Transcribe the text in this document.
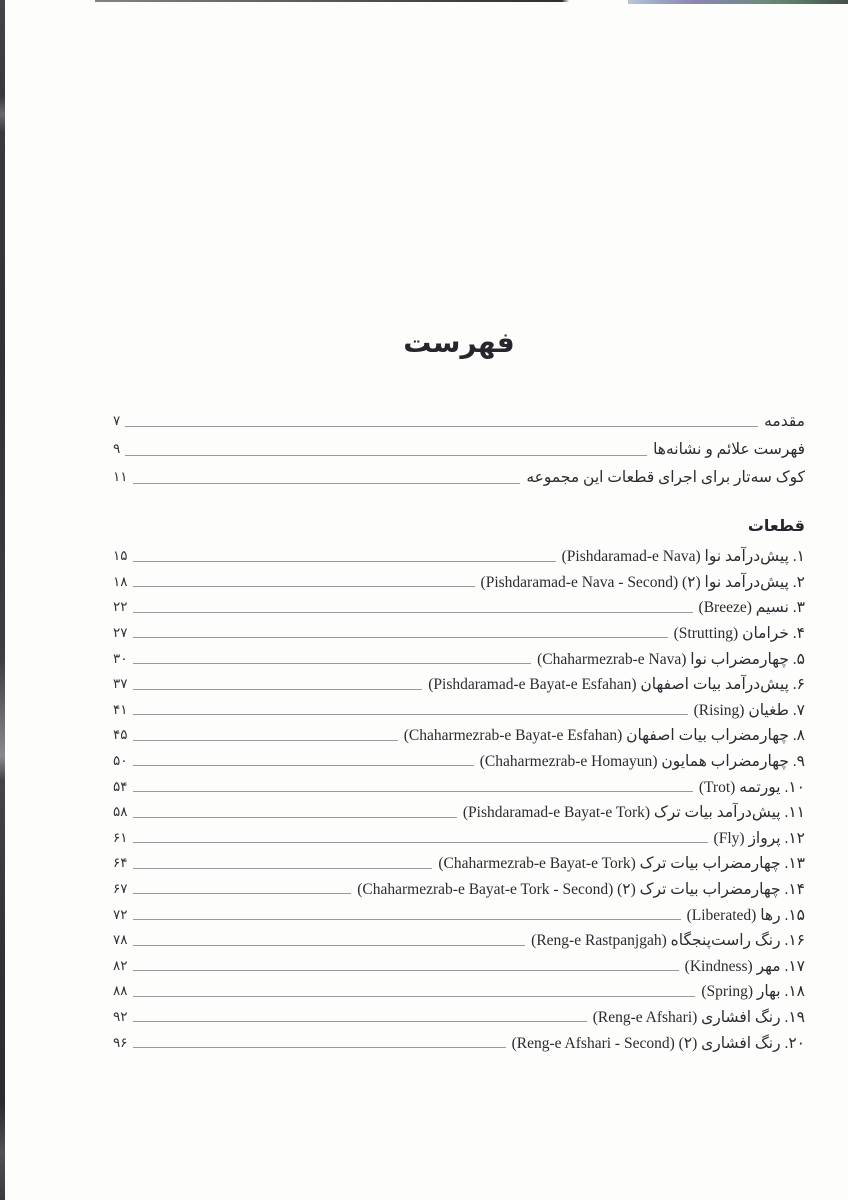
فهرست
مقدمه
۷
فهرست علائم و نشانه‌ها
۹
کوک سه‌تار برای اجرای قطعات این مجموعه
۱۱
قطعات
۱. پیش‌درآمد نوا (Pishdaramad-e Nava)
۱۵
۲. پیش‌درآمد نوا (۲) (Pishdaramad-e Nava - Second)
۱۸
۳. نسیم (Breeze)
۲۲
۴. خرامان (Strutting)
۲۷
۵. چهارمضراب نوا (Chaharmezrab-e Nava)
۳۰
۶. پیش‌درآمد بیات اصفهان (Pishdaramad-e Bayat-e Esfahan)
۳۷
۷. طغیان (Rising)
۴۱
۸. چهارمضراب بیات اصفهان (Chaharmezrab-e Bayat-e Esfahan)
۴۵
۹. چهارمضراب همایون (Chaharmezrab-e Homayun)
۵۰
۱۰. یورتمه (Trot)
۵۴
۱۱. پیش‌درآمد بیات ترک (Pishdaramad-e Bayat-e Tork)
۵۸
۱۲. پرواز (Fly)
۶۱
۱۳. چهارمضراب بیات ترک (Chaharmezrab-e Bayat-e Tork)
۶۴
۱۴. چهارمضراب بیات ترک (۲) (Chaharmezrab-e Bayat-e Tork - Second)
۶۷
۱۵. رها (Liberated)
۷۲
۱۶. رنگ راست‌پنجگاه (Reng-e Rastpanjgah)
۷۸
۱۷. مهر (Kindness)
۸۲
۱۸. بهار (Spring)
۸۸
۱۹. رنگ افشاری (Reng-e Afshari)
۹۲
۲۰. رنگ افشاری (۲) (Reng-e Afshari - Second)
۹۶
